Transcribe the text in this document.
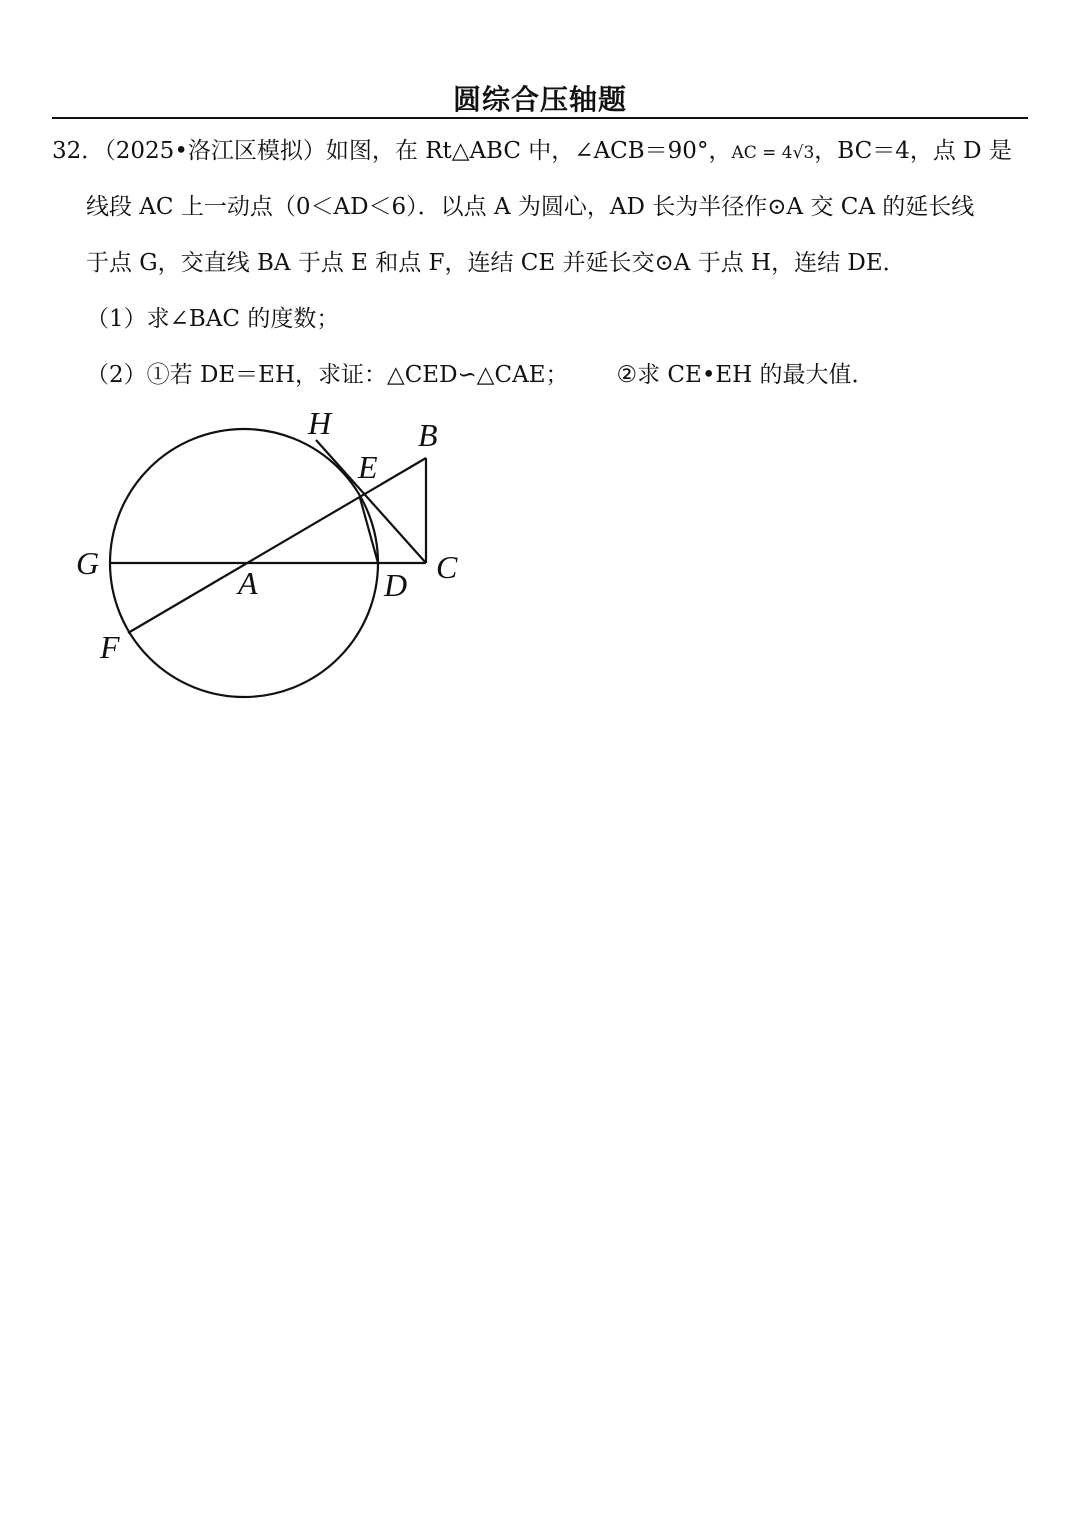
圆综合压轴题
32．（2025•洛江区模拟）如图，在 Rt△ABC 中，∠ACB＝90°，AC = 4√3，BC＝4，点 D 是
线段 AC 上一动点（0＜AD＜6）．以点 A 为圆心，AD 长为半径作⊙A 交 CA 的延长线
于点 G，交直线 BA 于点 E 和点 F，连结 CE 并延长交⊙A 于点 H，连结 DE．
（1）求∠BAC 的度数；
（2）①若 DE＝EH，求证：△CED∽△CAE； ②求 CE•EH 的最大值．
H	B
E
G
A	D C
F
